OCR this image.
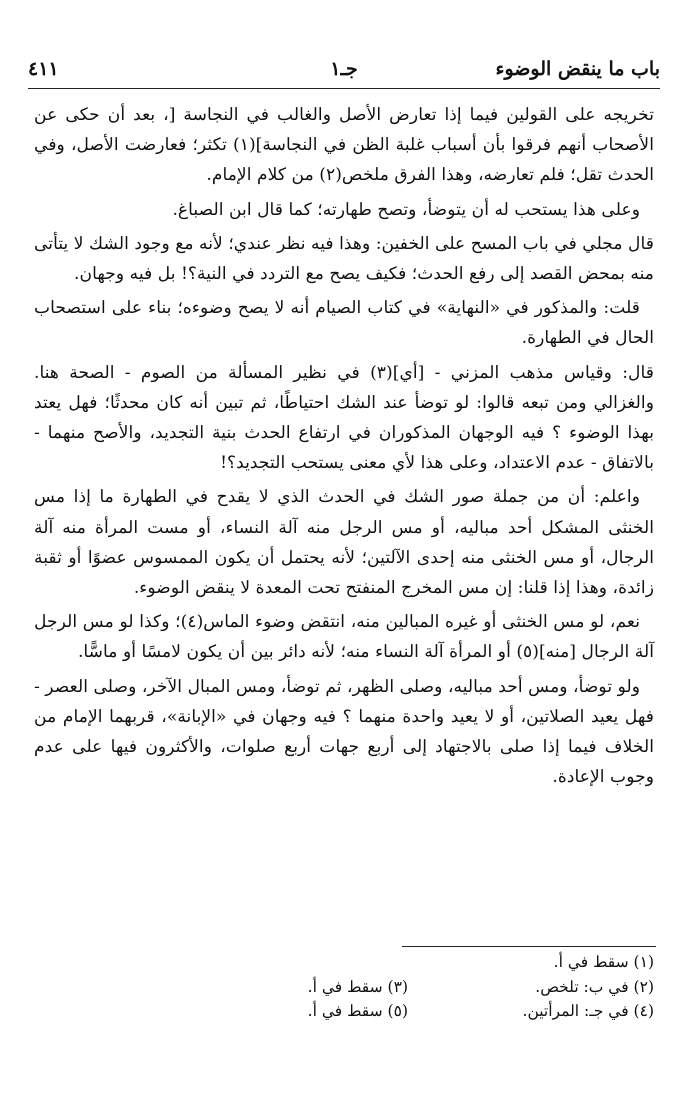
باب ما ينقض الوضوء
جـ١
٤١١

تخريجه على القولين فيما إذا تعارض الأصل والغالب في النجاسة [، بعد أن حكى عن الأصحاب أنهم فرقوا بأن أسباب غلبة الظن في النجاسة](١) تكثر؛ فعارضت الأصل، وفي الحدث تقل؛ فلم تعارضه، وهذا الفرق ملخص(٢) من كلام الإمام.

وعلى هذا يستحب له أن يتوضأ، وتصح طهارته؛ كما قال ابن الصباغ.

قال مجلي في باب المسح على الخفين: وهذا فيه نظر عندي؛ لأنه مع وجود الشك لا يتأتى منه بمحض القصد إلى رفع الحدث؛ فكيف يصح مع التردد في النية؟! بل فيه وجهان.

قلت: والمذكور في «النهاية» في كتاب الصيام أنه لا يصح وضوءه؛ بناء على استصحاب الحال في الطهارة.

قال: وقياس مذهب المزني - [أي](٣) في نظير المسألة من الصوم - الصحة هنا. والغزالي ومن تبعه قالوا: لو توضأ عند الشك احتياطًا، ثم تبين أنه كان محدثًا؛ فهل يعتد بهذا الوضوء ؟ فيه الوجهان المذكوران في ارتفاع الحدث بنية التجديد، والأصح منهما - بالاتفاق - عدم الاعتداد، وعلى هذا لأي معنى يستحب التجديد؟!

واعلم: أن من جملة صور الشك في الحدث الذي لا يقدح في الطهارة ما إذا مس الخنثى المشكل أحد مباليه، أو مس الرجل منه آلة النساء، أو مست المرأة منه آلة الرجال، أو مس الخنثى منه إحدى الآلتين؛ لأنه يحتمل أن يكون الممسوس عضوًا أو ثقبة زائدة، وهذا إذا قلنا: إن مس المخرج المنفتح تحت المعدة لا ينقض الوضوء.

نعم، لو مس الخنثى أو غيره المبالين منه، انتقض وضوء الماس(٤)؛ وكذا لو مس الرجل آلة الرجال [منه](٥) أو المرأة آلة النساء منه؛ لأنه دائر بين أن يكون لامسًا أو ماسًّا.

ولو توضأ، ومس أحد مباليه، وصلى الظهر، ثم توضأ، ومس المبال الآخر، وصلى العصر - فهل يعيد الصلاتين، أو لا يعيد واحدة منهما ؟ فيه وجهان في «الإبانة»، قربهما الإمام من الخلاف فيما إذا صلى بالاجتهاد إلى أربع جهات أربع صلوات، والأكثرون فيها على عدم وجوب الإعادة.

(١) سقط في أ.
(٢) في ب: تلخص.
(٣) سقط في أ.
(٤) في جـ: المرأتين.
(٥) سقط في أ.
